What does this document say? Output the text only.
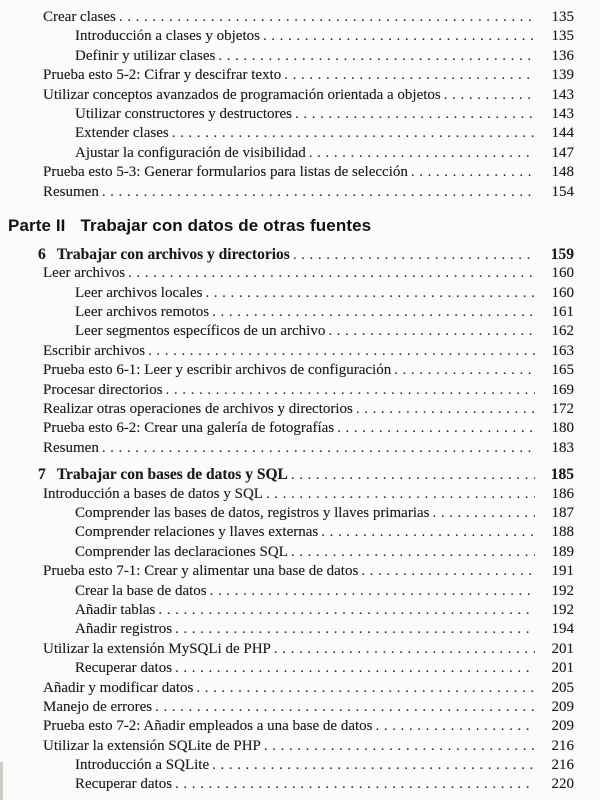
Crear clases .....	135
Introducción a clases y objetos .....	135
Definir y utilizar clases .....	136
Prueba esto 5-2: Cifrar y descifrar texto .....	139
Utilizar conceptos avanzados de programación orientada a objetos .....	143
Utilizar constructores y destructores .....	143
Extender clases .....	144
Ajustar la configuración de visibilidad .....	147
Prueba esto 5-3: Generar formularios para listas de selección .....	148
Resumen .....	154
Parte II Trabajar con datos de otras fuentes
6 Trabajar con archivos y directorios .....	159
Leer archivos .....	160
Leer archivos locales .....	160
Leer archivos remotos .....	161
Leer segmentos específicos de un archivo .....	162
Escribir archivos .....	163
Prueba esto 6-1: Leer y escribir archivos de configuración .....	165
Procesar directorios .....	169
Realizar otras operaciones de archivos y directorios .....	172
Prueba esto 6-2: Crear una galería de fotografías .....	180
Resumen .....	183
7 Trabajar con bases de datos y SQL .....	185
Introducción a bases de datos y SQL .....	186
Comprender las bases de datos, registros y llaves primarias .....	187
Comprender relaciones y llaves externas .....	188
Comprender las declaraciones SQL .....	189
Prueba esto 7-1: Crear y alimentar una base de datos .....	191
Crear la base de datos .....	192
Añadir tablas .....	192
Añadir registros .....	194
Utilizar la extensión MySQLi de PHP .....	201
Recuperar datos .....	201
Añadir y modificar datos .....	205
Manejo de errores .....	209
Prueba esto 7-2: Añadir empleados a una base de datos .....	209
Utilizar la extensión SQLite de PHP .....	216
Introducción a SQLite .....	216
Recuperar datos .....	220
